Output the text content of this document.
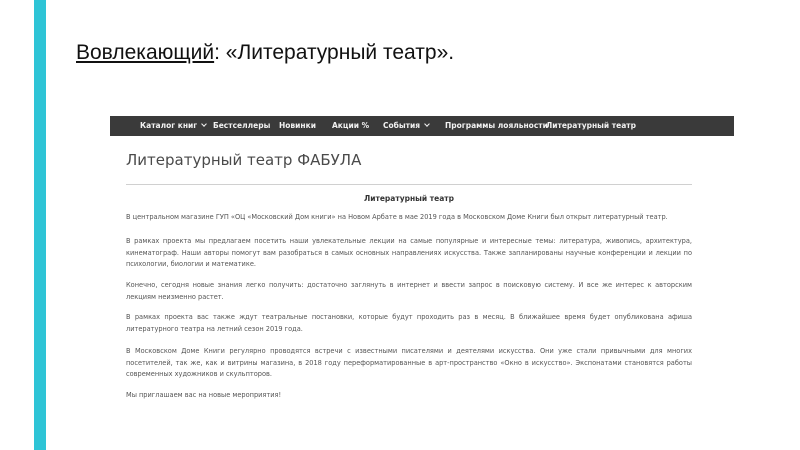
Вовлекающий: «Литературный театр».
Каталог книг	Бестселлеры Новинки Акции % События	Программы лояльности
Литературный театр
Литературный театр ФАБУЛА
Литературный театр
В центральном магазине ГУП «ОЦ «Московский Дом книги» на Новом Арбате в мае 2019 года в Московском Доме Книги был открыт литературный театр.
В рамках проекта мы предлагаем посетить наши увлекательные лекции на самые популярные и интересные темы: литература, живопись, архитектура, кинематограф. Наши авторы помогут вам разобраться в самых основных направлениях искусства. Также запланированы научные конференции и лекции по психологии, биологии и математике.
Конечно, сегодня новые знания легко получить: достаточно заглянуть в интернет и ввести запрос в поисковую систему. И все же интерес к авторским лекциям неизменно растет.
В рамках проекта вас также ждут театральные постановки, которые будут проходить раз в месяц. В ближайшее время будет опубликована афиша литературного театра на летний сезон 2019 года.
В Московском Доме Книги регулярно проводятся встречи с известными писателями и деятелями искусства. Они уже стали привычными для многих посетителей, так же, как и витрины магазина, в 2018 году переформатированные в арт-пространство «Окно в искусство». Экспонатами становятся работы современных художников и скульпторов.
Мы приглашаем вас на новые мероприятия!
